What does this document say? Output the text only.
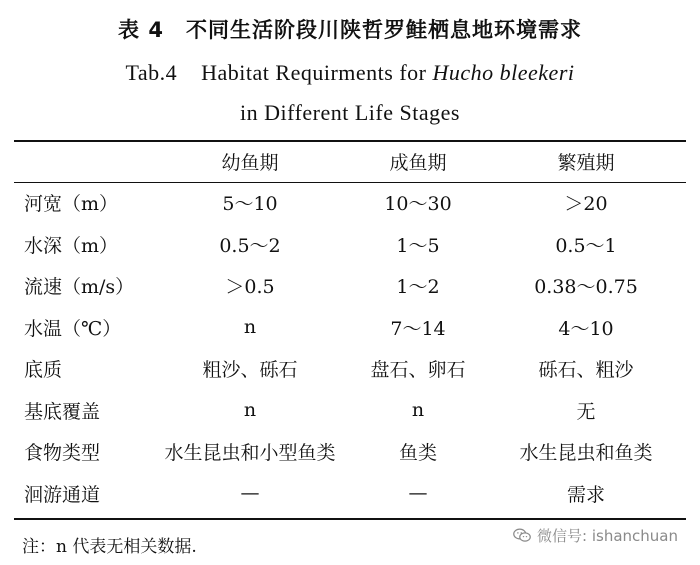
表 4　不同生活阶段川陕哲罗鲑栖息地环境需求
Tab.4 Habitat Requirments for Hucho bleekeri
in Different Life Stages
	幼鱼期	成鱼期	繁殖期
河宽（m）	5～10	10～30	＞20
水深（m）	0.5～2	1～5	0.5～1
流速（m/s）	＞0.5	1～2	0.38～0.75
水温（℃）	n	7～14	4～10
底质	粗沙、砾石	盘石、卵石	砾石、粗沙
基底覆盖	n	n	无
食物类型	水生昆虫和小型鱼类	鱼类	水生昆虫和鱼类
洄游通道	—	—	需求
注：n 代表无相关数据.
微信号: ishanchuan
